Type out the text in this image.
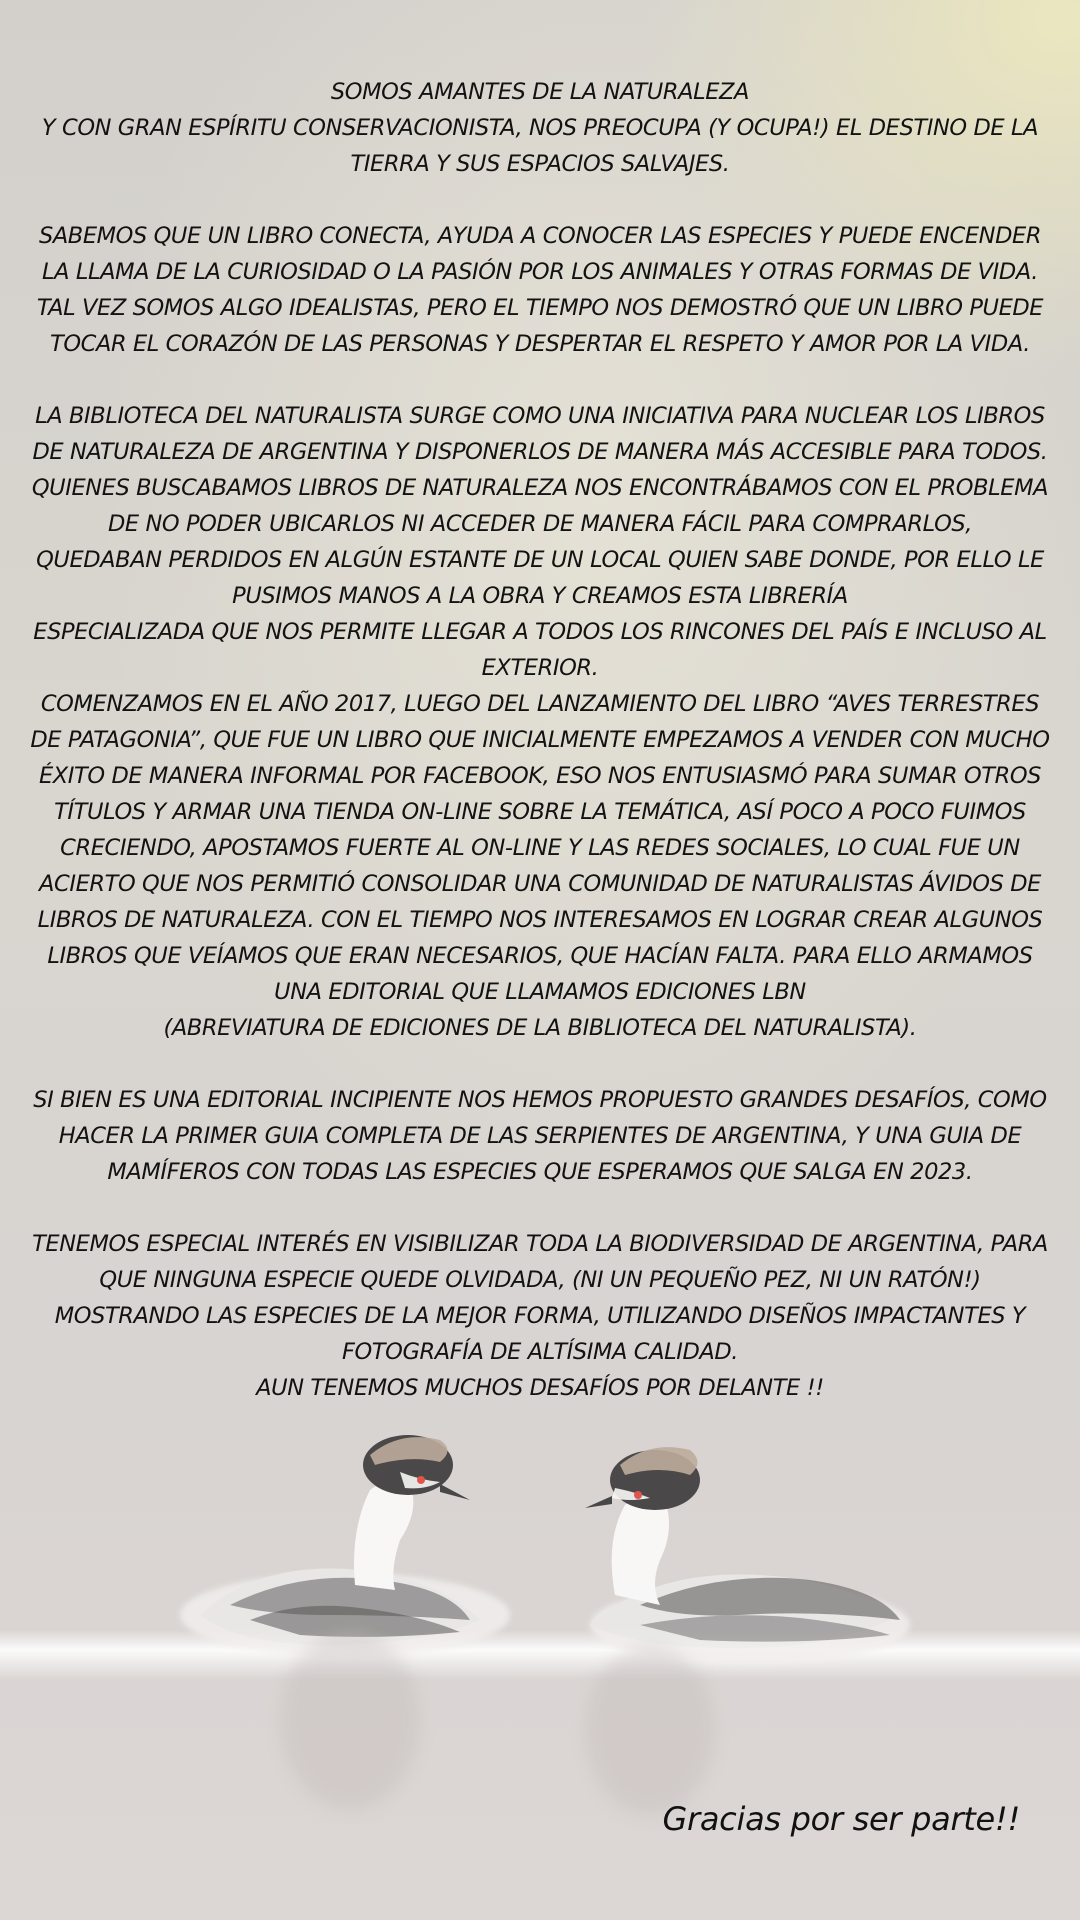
SOMOS AMANTES DE LA NATURALEZA
Y CON GRAN ESPÍRITU CONSERVACIONISTA, NOS PREOCUPA (Y OCUPA!) EL DESTINO DE LA TIERRA Y SUS ESPACIOS SALVAJES.

SABEMOS QUE UN LIBRO CONECTA, AYUDA A CONOCER LAS ESPECIES Y PUEDE ENCENDER LA LLAMA DE LA CURIOSIDAD O LA PASIÓN POR LOS ANIMALES Y OTRAS FORMAS DE VIDA.
TAL VEZ SOMOS ALGO IDEALISTAS, PERO EL TIEMPO NOS DEMOSTRÓ QUE UN LIBRO PUEDE TOCAR EL CORAZÓN DE LAS PERSONAS Y DESPERTAR EL RESPETO Y AMOR POR LA VIDA.

LA BIBLIOTECA DEL NATURALISTA SURGE COMO UNA INICIATIVA PARA NUCLEAR LOS LIBROS DE NATURALEZA DE ARGENTINA Y DISPONERLOS DE MANERA MÁS ACCESIBLE PARA TODOS.
QUIENES BUSCABAMOS LIBROS DE NATURALEZA NOS ENCONTRÁBAMOS CON EL PROBLEMA DE NO PODER UBICARLOS NI ACCEDER DE MANERA FÁCIL PARA COMPRARLOS,
QUEDABAN PERDIDOS EN ALGÚN ESTANTE DE UN LOCAL QUIEN SABE DONDE, POR ELLO LE PUSIMOS MANOS A LA OBRA Y CREAMOS ESTA LIBRERÍA
ESPECIALIZADA QUE NOS PERMITE LLEGAR A TODOS LOS RINCONES DEL PAÍS E INCLUSO AL EXTERIOR.
COMENZAMOS EN EL AÑO 2017, LUEGO DEL LANZAMIENTO DEL LIBRO “AVES TERRESTRES DE PATAGONIA”, QUE FUE UN LIBRO QUE INICIALMENTE EMPEZAMOS A VENDER CON MUCHO ÉXITO DE MANERA INFORMAL POR FACEBOOK, ESO NOS ENTUSIASMÓ PARA SUMAR OTROS TÍTULOS Y ARMAR UNA TIENDA ON-LINE SOBRE LA TEMÁTICA, ASÍ POCO A POCO FUIMOS CRECIENDO, APOSTAMOS FUERTE AL ON-LINE Y LAS REDES SOCIALES, LO CUAL FUE UN ACIERTO QUE NOS PERMITIÓ CONSOLIDAR UNA COMUNIDAD DE NATURALISTAS ÁVIDOS DE LIBROS DE NATURALEZA. CON EL TIEMPO NOS INTERESAMOS EN LOGRAR CREAR ALGUNOS LIBROS QUE VEÍAMOS QUE ERAN NECESARIOS, QUE HACÍAN FALTA. PARA ELLO ARMAMOS UNA EDITORIAL QUE LLAMAMOS EDICIONES LBN
(ABREVIATURA DE EDICIONES DE LA BIBLIOTECA DEL NATURALISTA).

SI BIEN ES UNA EDITORIAL INCIPIENTE NOS HEMOS PROPUESTO GRANDES DESAFÍOS, COMO HACER LA PRIMER GUIA COMPLETA DE LAS SERPIENTES DE ARGENTINA, Y UNA GUIA DE MAMÍFEROS CON TODAS LAS ESPECIES QUE ESPERAMOS QUE SALGA EN 2023.

TENEMOS ESPECIAL INTERÉS EN VISIBILIZAR TODA LA BIODIVERSIDAD DE ARGENTINA, PARA QUE NINGUNA ESPECIE QUEDE OLVIDADA, (NI UN PEQUEÑO PEZ, NI UN RATÓN!) MOSTRANDO LAS ESPECIES DE LA MEJOR FORMA, UTILIZANDO DISEÑOS IMPACTANTES Y FOTOGRAFÍA DE ALTÍSIMA CALIDAD.
AUN TENEMOS MUCHOS DESAFÍOS POR DELANTE !!

Gracias por ser parte!!
